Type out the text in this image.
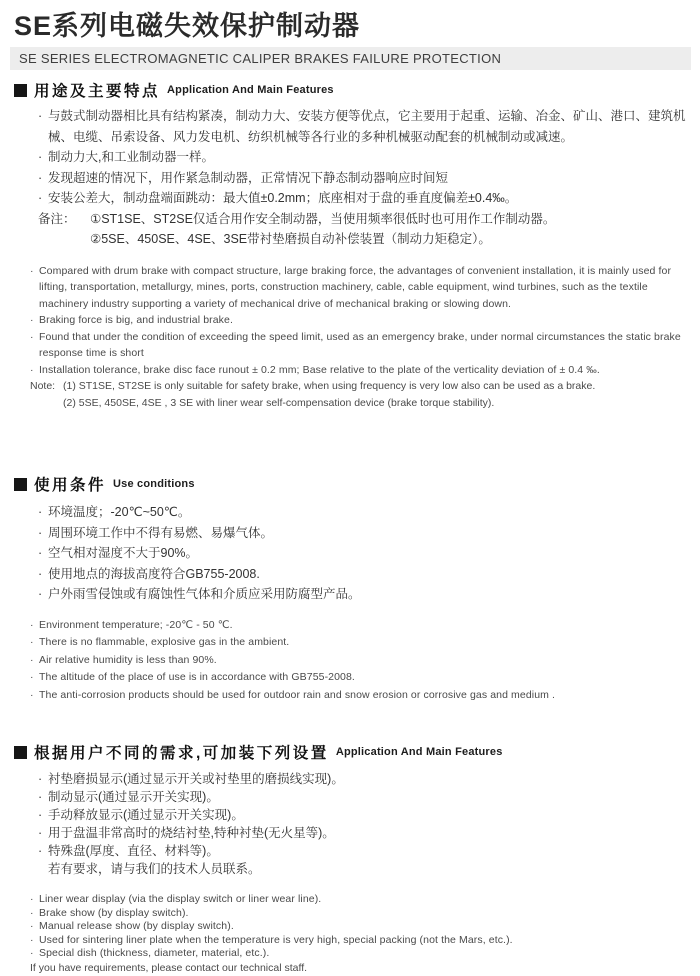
SE系列电磁失效保护制动器
SE SERIES ELECTROMAGNETIC CALIPER BRAKES FAILURE PROTECTION
用途及主要特点 Application And Main Features
· 与鼓式制动器相比具有结构紧凑，制动力大、安装方便等优点，它主要用于起重、运输、冶金、矿山、港口、建筑机械、电缆、吊索设备、风力发电机、纺织机械等各行业的多种机械驱动配套的机械制动或减速。
· 制动力大,和工业制动器一样。
· 发现超速的情况下，用作紧急制动器，正常情况下静态制动器响应时间短
· 安装公差大，制动盘端面跳动：最大值±0.2mm；底座相对于盘的垂直度偏差±0.4‰。
备注：	①ST1SE、ST2SE仅适合用作安全制动器，当使用频率很低时也可用作工作制动器。
②5SE、450SE、4SE、3SE带衬垫磨损自动补偿装置（制动力矩稳定）。
· Compared with drum brake with compact structure, large braking force, the advantages of convenient installation, it is mainly used for lifting, transportation, metallurgy, mines, ports, construction machinery, cable, cable equipment, wind turbines, such as the textile machinery industry supporting a variety of mechanical drive of mechanical braking or slowing down.
· Braking force is big, and industrial brake.
· Found that under the condition of exceeding the speed limit, used as an emergency brake, under normal circumstances the static brake response time is short
· Installation tolerance, brake disc face runout ± 0.2 mm; Base relative to the plate of the verticality deviation of ± 0.4 ‰.
Note: (1) ST1SE, ST2SE is only suitable for safety brake, when using frequency is very low also can be used as a brake.
(2) 5SE, 450SE, 4SE , 3 SE with liner wear self-compensation device (brake torque stability).
使用条件 Use conditions
· 环境温度；-20℃~50℃。
· 周围环境工作中不得有易燃、易爆气体。
· 空气相对湿度不大于90%。
· 使用地点的海拔高度符合GB755-2008.
· 户外雨雪侵蚀或有腐蚀性气体和介质应采用防腐型产品。
· Environment temperature; -20℃ - 50 ℃.
· There is no flammable, explosive gas in the ambient.
· Air relative humidity is less than 90%.
· The altitude of the place of use is in accordance with GB755-2008.
· The anti-corrosion products should be used for outdoor rain and snow erosion or corrosive gas and medium .
根据用户不同的需求,可加装下列设置 Application And Main Features
· 衬垫磨损显示(通过显示开关或衬垫里的磨损线实现)。
· 制动显示(通过显示开关实现)。
· 手动释放显示(通过显示开关实现)。
· 用于盘温非常高时的烧结衬垫,特种衬垫(无火星等)。
· 特殊盘(厚度、直径、材料等)。
若有要求，请与我们的技术人员联系。
· Liner wear display (via the display switch or liner wear line).
· Brake show (by display switch).
· Manual release show (by display switch).
· Used for sintering liner plate when the temperature is very high, special packing (not the Mars, etc.).
· Special dish (thickness, diameter, material, etc.).
If you have requirements, please contact our technical staff.
